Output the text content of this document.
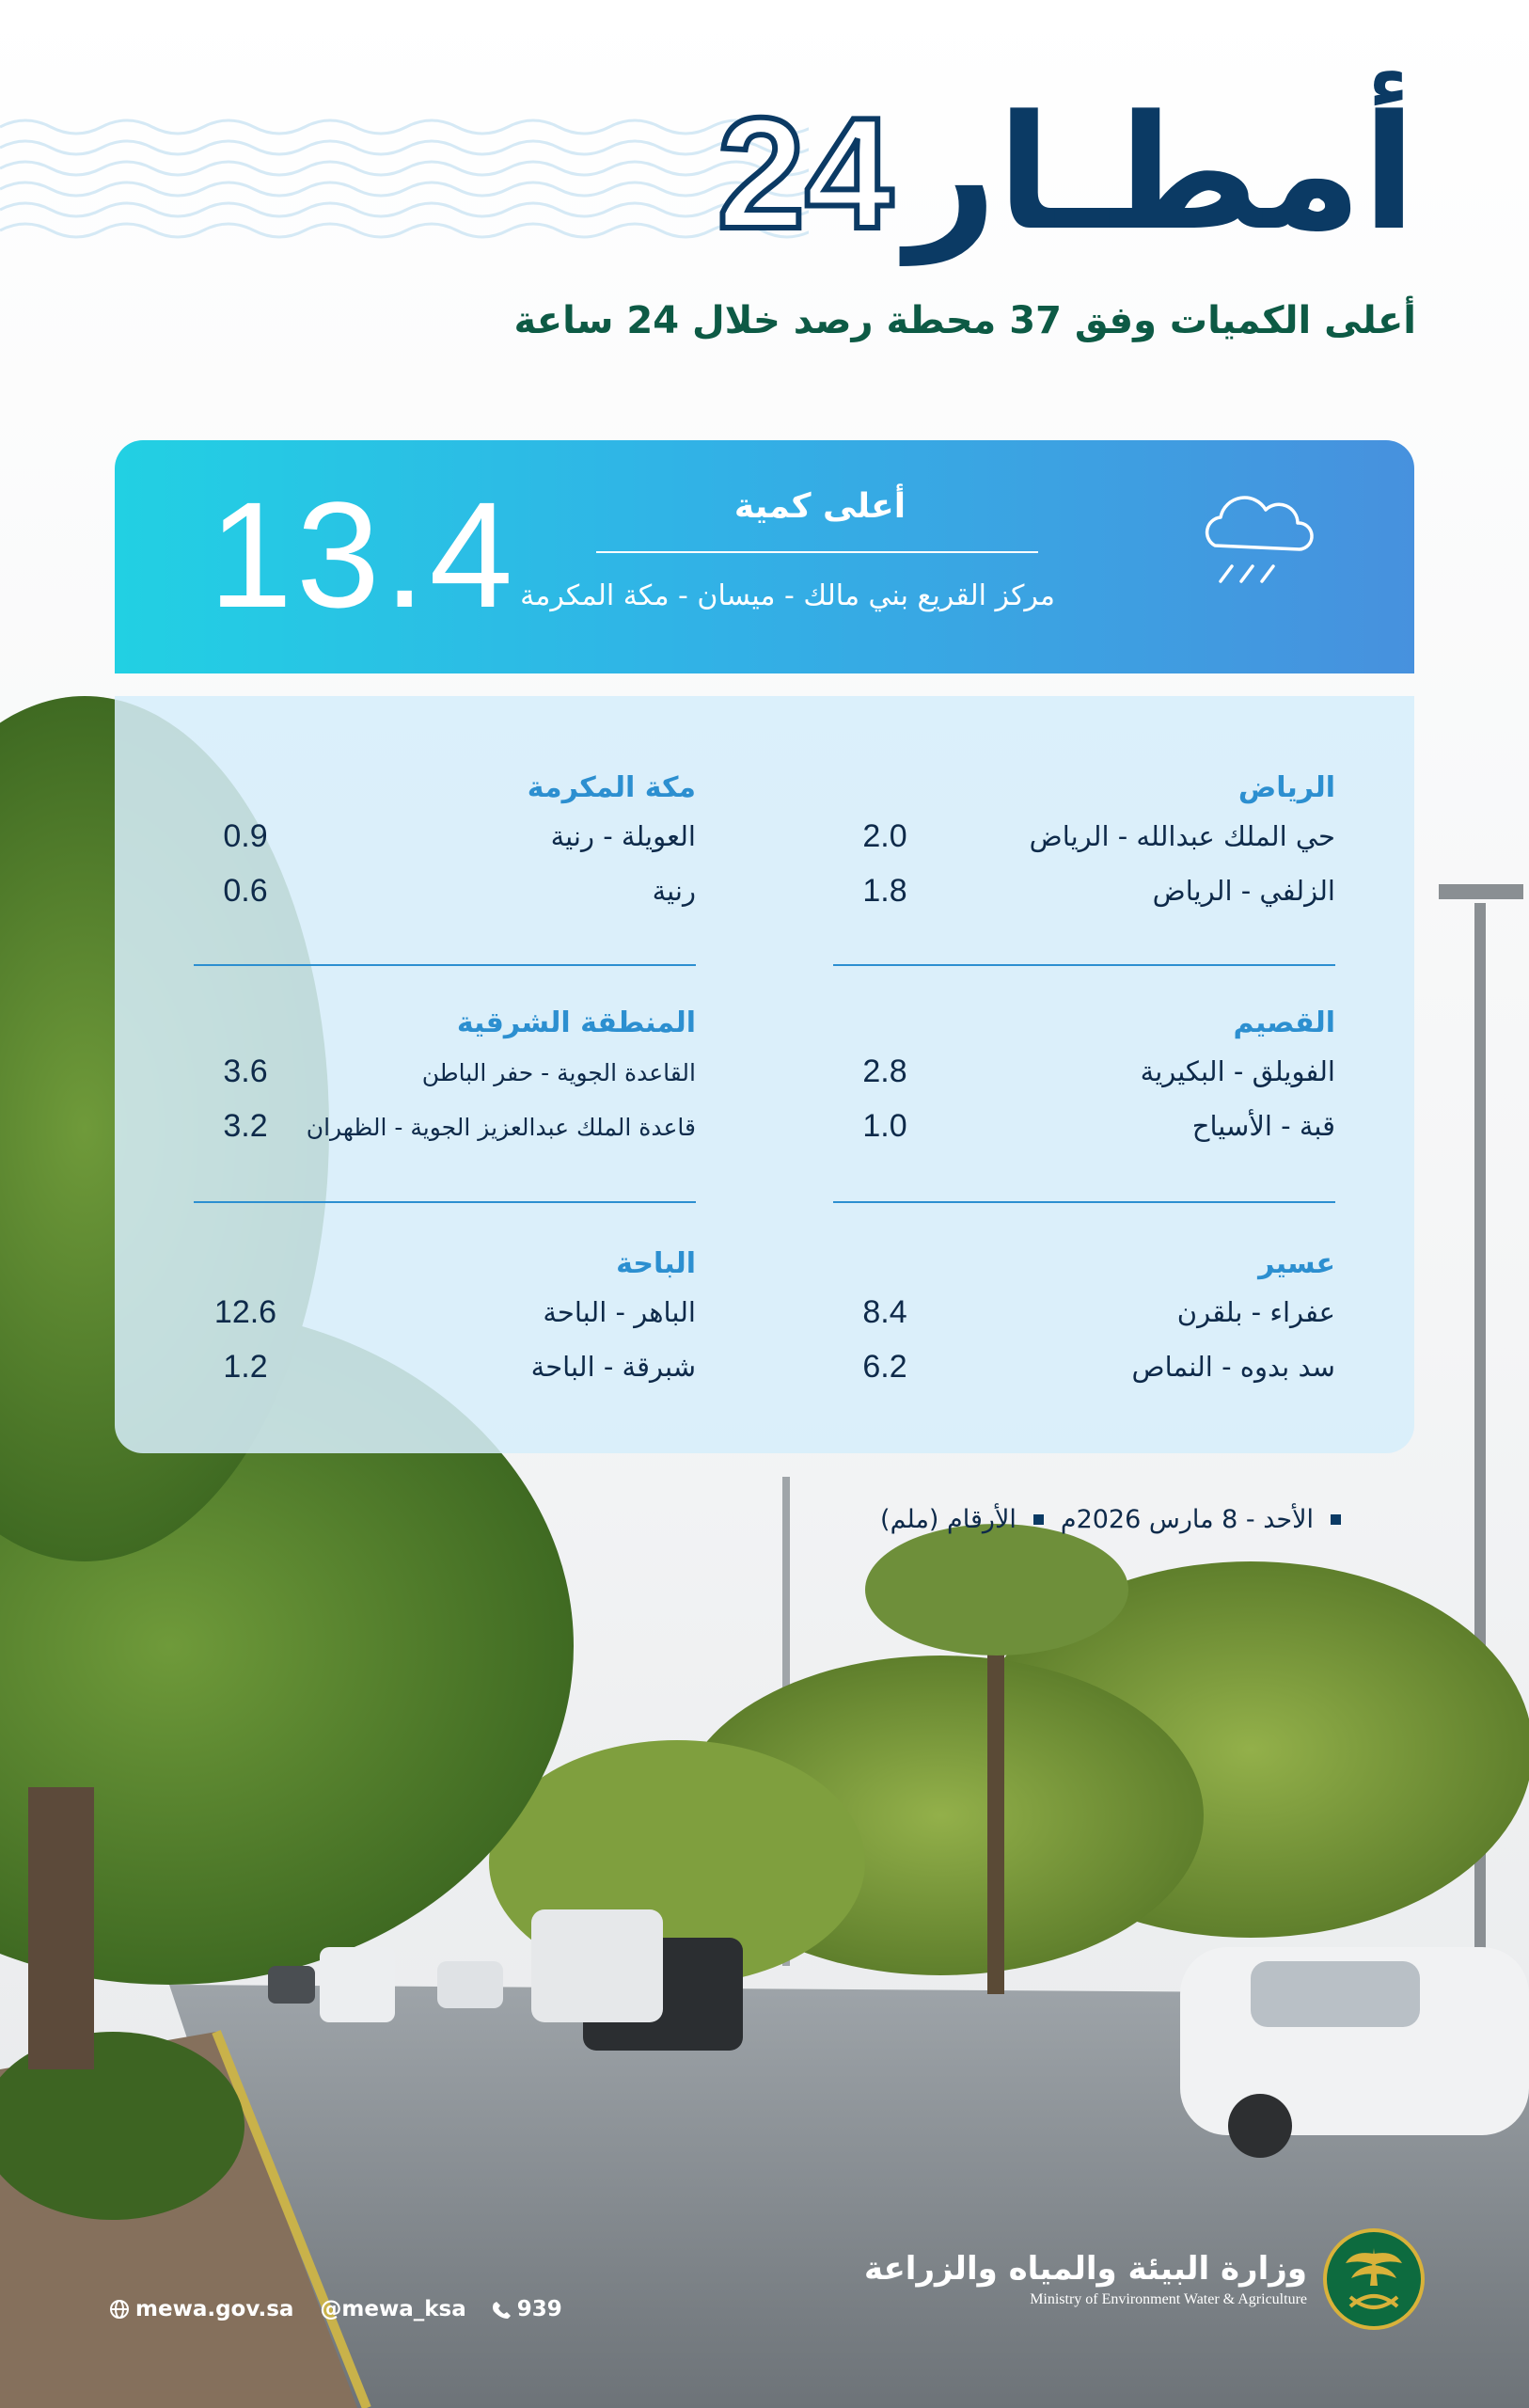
أمطـار
24
أعلى الكميات وفق 37 محطة رصد خلال 24 ساعة
13.4	أعلى كمية
مركز القريع بني مالك - ميسان - مكة المكرمة
الرياض
حي الملك عبدالله - الرياض
2.0
الزلفي - الرياض
1.8
مكة المكرمة
العويلة - رنية
0.9
رنية
0.6
القصيم
الفويلق - البكيرية
2.8
قبة - الأسياح
1.0
المنطقة الشرقية
القاعدة الجوية - حفر الباطن
3.6
قاعدة الملك عبدالعزيز الجوية - الظهران
3.2
عسير
عفراء - بلقرن
8.4
سد بدوه - النماص
6.2
الباحة
الباهر - الباحة
12.6
شبرقة - الباحة
1.2
الأحد - 8 مارس 2026م
الأرقام (ملم)
وزارة البيئة والمياه والزراعة
Ministry of Environment Water & Agriculture
mewa.gov.sa @mewa_ksa 939
